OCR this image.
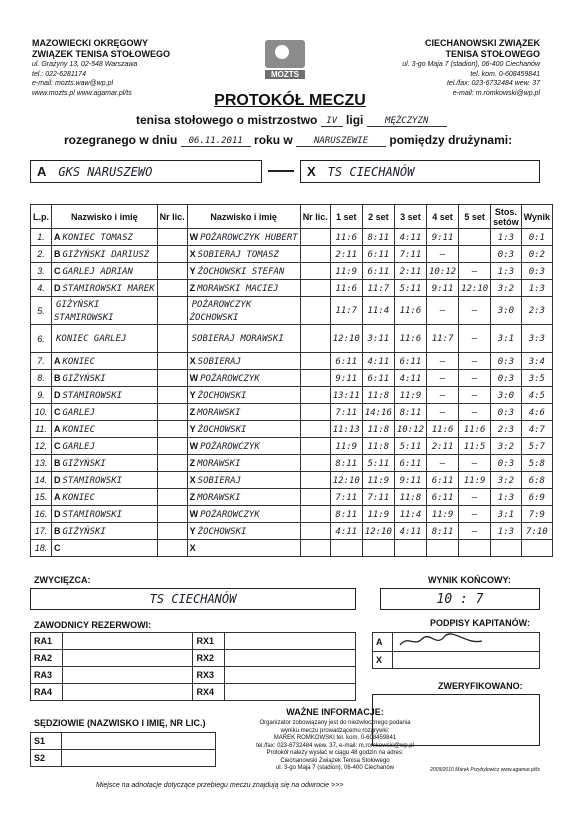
MAZOWIECKI OKRĘGOWY
ZWIĄZEK TENISA STOŁOWEGO
ul. Grażyny 13, 02-548 Warszawa
tel.: 022-6281174
e-mail: mozts.waw@wp.pl
www.mozts.pl www.agamar.pl/ts
MOZTS
CIECHANOWSKI ZWIĄZEK
TENISA STOŁOWEGO
ul. 3-go Maja 7 (stadion), 06-400 Ciechanów
tel. kom. 0-608459841
tel./fax: 023-6732484 wew. 37
e-mail: m.romkowski@wp.pl
PROTOKÓŁ MECZU
tenisa stołowego o mistrzostwo IV ligi MĘŻCZYZN
rozegranego w dniu 06.11.2011 roku w NARUSZEWIE pomiędzy drużynami:
A GKS NARUSZEWO	X TS CIECHANÓW
L.p.	Nazwisko i imię	Nr lic.	Nazwisko i imię	Nr lic.	1 set	2 set	3 set	4 set	5 set	Stos. setów	Wynik
1.	A KONIEC TOMASZ		W POŻAROWCZYK HUBERT		11:6	8:11	4:11	9:11		1:3	0:1
2.	B GIŻYŃSKI DARIUSZ		X SOBIERAJ TOMASZ		2:11	6:11	7:11	–		0:3	0:2
3.	C GARLEJ ADRIAN		Y ŻOCHOWSKI STEFAN		11:9	6:11	2:11	10:12	–	1:3	0:3
4.	D STAMIROWSKI MAREK		Z MORAWSKI MACIEJ		11:6	11:7	5:11	9:11	12:10	3:2	1:3
5.	GIŻYŃSKI STAMIROWSKI		POŻAROWCZYK ŻOCHOWSKI		11:7	11:4	11:6	–	–	3:0	2:3
6.	KONIEC GARLEJ		SOBIERAJ MORAWSKI		12:10	3:11	11:6	11:7	–	3:1	3:3
7.	A KONIEC		X SOBIERAJ		6:11	4:11	6:11	–	–	0:3	3:4
8.	B GIŻYŃSKI		W POŻAROWCZYK		9:11	6:11	4:11	–	–	0:3	3:5
9.	D STAMIROWSKI		Y ŻOCHOWSKI		13:11	11:8	11:9	–	–	3:0	4:5
10.	C GARLEJ		Z MORAWSKI		7:11	14:16	8:11	–	–	0:3	4:6
11.	A KONIEC		Y ŻOCHOWSKI		11:13	11:8	10:12	11:6	11:6	2:3	4:7
12.	C GARLEJ		W POŻAROWCZYK		11:9	11:8	5:11	2:11	11:5	3:2	5:7
13.	B GIŻYŃSKI		Z MORAWSKI		8:11	5:11	6:11	–	–	0:3	5:8
14.	D STAMIROWSKI		X SOBIERAJ		12:10	11:9	9:11	6:11	11:9	3:2	6:8
15.	A KONIEC		Z MORAWSKI		7:11	7:11	11:8	6:11	–	1:3	6:9
16.	D STAMIROWSKI		W POŻAROWCZYK		8:11	11:9	11:4	11:9	–	3:1	7:9
17.	B GIŻYŃSKI		Y ŻOCHOWSKI		4:11	12:10	4:11	8:11	–	1:3	7:10
18.	C		X								
ZWYCIĘZCA:
TS CIECHANÓW
WYNIK KOŃCOWY:
10 : 7
ZAWODNICY REZERWOWI:
RA1		RX1	
RA2		RX2	
RA3		RX3	
RA4		RX4	
PODPISY KAPITANÓW:
A	
X	
ZWERYFIKOWANO:
SĘDZIOWIE (NAZWISKO I IMIĘ, NR LIC.)
S1	
S2	
WAŻNE INFORMACJE:
Organizator zobowiązany jest do niezwłocznego podania
wyniku meczu prowadzącemu rozgrywki:
MAREK ROMKOWSKI tel. kom. 0-608459841
tel./fax: 023-6732484 wew. 37, e-mail: m.romkowski@wp.pl
Protokół należy wysłać w ciągu 48 godzin na adres:
Ciechanowski Związek Tenisa Stołowego
ul. 3-go Maja 7 (stadion), 06-400 Ciechanów	2009/2010 Marek Przybyłowicz www.agamar.pl/ts
Miejsce na adnotacje dotyczące przebiegu meczu znajdują się na odwrocie >>>
